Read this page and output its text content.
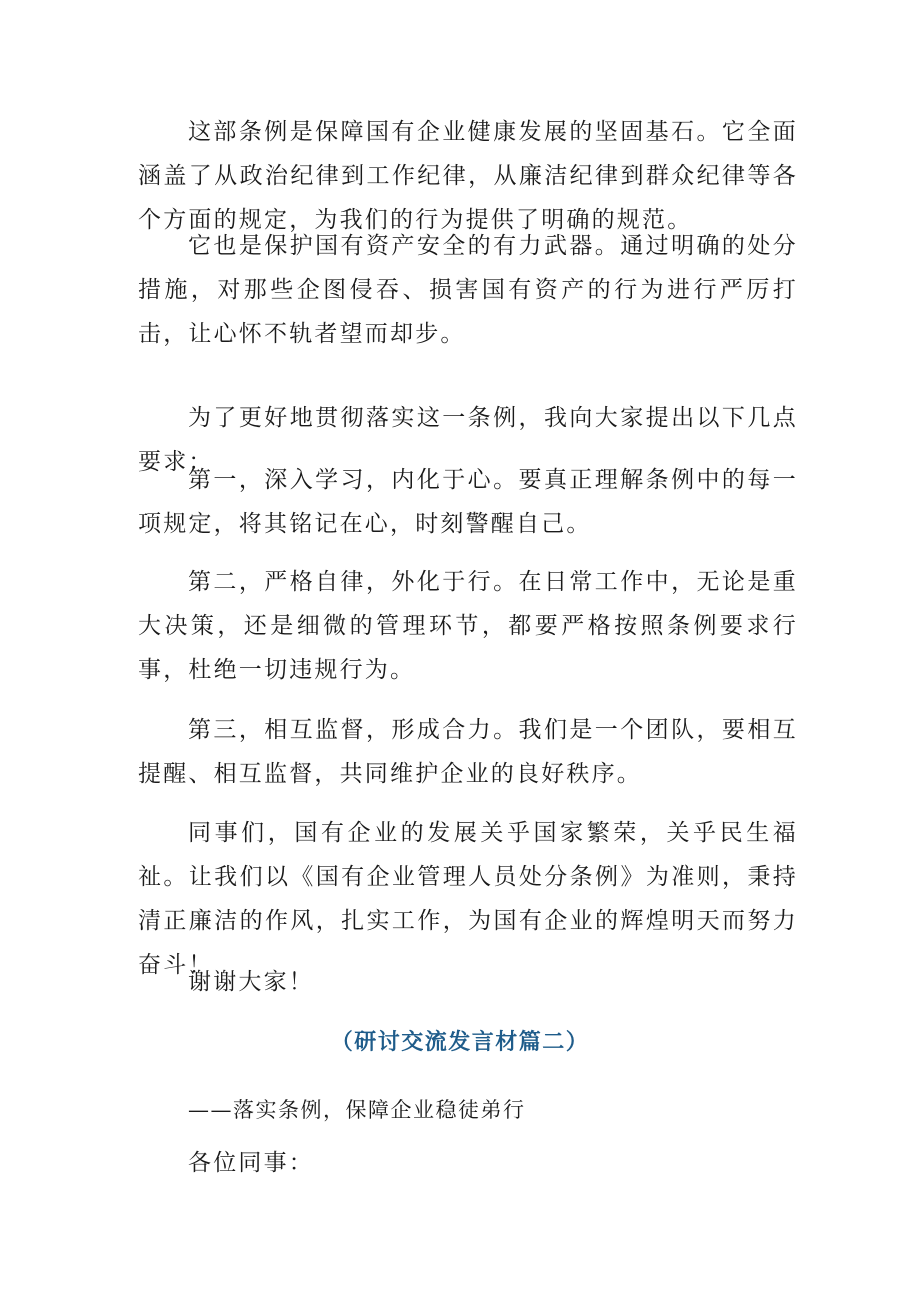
这部条例是保障国有企业健康发展的坚固基石。它全面涵盖了从政治纪律到工作纪律，从廉洁纪律到群众纪律等各个方面的规定，为我们的行为提供了明确的规范。

它也是保护国有资产安全的有力武器。通过明确的处分措施，对那些企图侵吞、损害国有资产的行为进行严厉打击，让心怀不轨者望而却步。

为了更好地贯彻落实这一条例，我向大家提出以下几点要求：

第一，深入学习，内化于心。要真正理解条例中的每一项规定，将其铭记在心，时刻警醒自己。

第二，严格自律，外化于行。在日常工作中，无论是重大决策，还是细微的管理环节，都要严格按照条例要求行事，杜绝一切违规行为。

第三，相互监督，形成合力。我们是一个团队，要相互提醒、相互监督，共同维护企业的良好秩序。

同事们，国有企业的发展关乎国家繁荣，关乎民生福祉。让我们以《国有企业管理人员处分条例》为准则，秉持清正廉洁的作风，扎实工作，为国有企业的辉煌明天而努力奋斗！

谢谢大家！

（研讨交流发言材篇二）

——落实条例，保障企业稳徒弟行

各位同事：
